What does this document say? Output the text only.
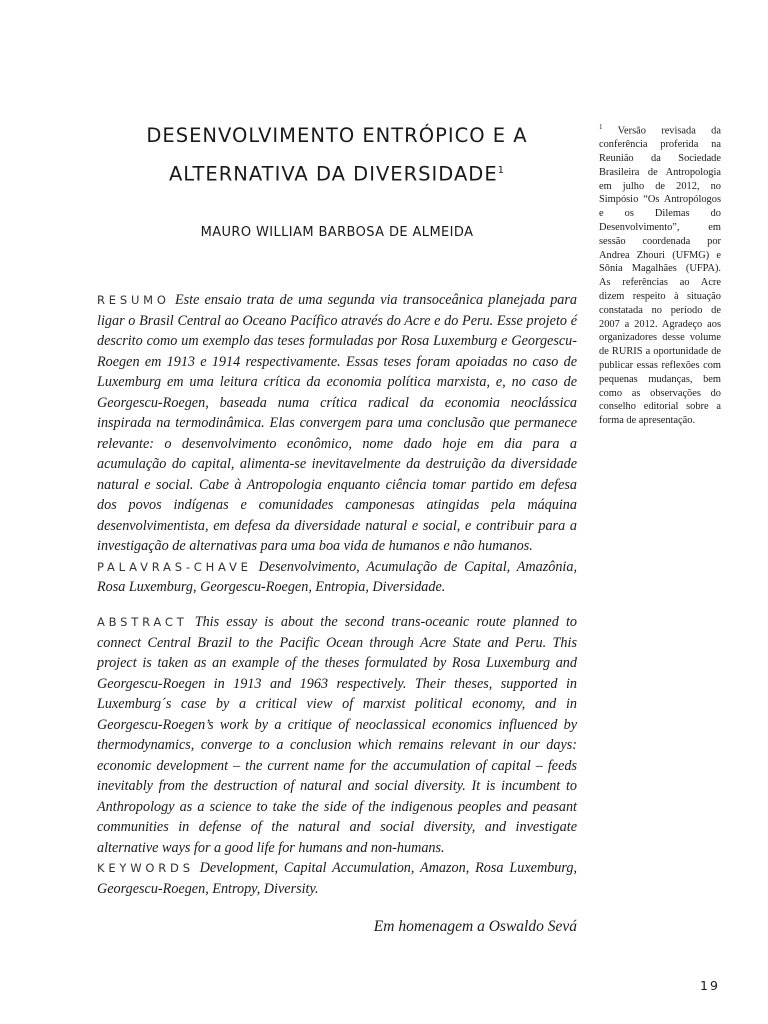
DESENVOLVIMENTO ENTRÓPICO E A
ALTERNATIVA DA DIVERSIDADE$^1$
MAURO WILLIAM BARBOSA DE ALMEIDA
RESUMO Este ensaio trata de uma segunda via transoceânica planejada para ligar o Brasil Central ao Oceano Pacífico através do Acre e do Peru. Esse projeto é descrito como um exemplo das teses formuladas por Rosa Luxemburg e Georgescu-Roegen em 1913 e 1914 respectivamente. Essas teses foram apoiadas no caso de Luxemburg em uma leitura crítica da economia política marxista, e, no caso de Georgescu-Roegen, baseada numa crítica radical da economia neoclássica inspirada na termodinâmica. Elas convergem para uma conclusão que permanece relevante: o desenvolvimento econômico, nome dado hoje em dia para a acumulação do capital, alimenta-se inevitavelmente da destruição da diversidade natural e social. Cabe à Antropologia enquanto ciência tomar partido em defesa dos povos indígenas e comunidades camponesas atingidas pela máquina desenvolvimentista, em defesa da diversidade natural e social, e contribuir para a investigação de alternativas para uma boa vida de humanos e não humanos.
PALAVRAS-CHAVE Desenvolvimento, Acumulação de Capital, Amazônia, Rosa Luxemburg, Georgescu-Roegen, Entropia, Diversidade.
ABSTRACT This essay is about the second trans-oceanic route planned to connect Central Brazil to the Pacific Ocean through Acre State and Peru. This project is taken as an example of the theses formulated by Rosa Luxemburg and Georgescu-Roegen in 1913 and 1963 respectively. Their theses, supported in Luxemburg´s case by a critical view of marxist political economy, and in Georgescu-Roegen’s work by a critique of neoclassical economics influenced by thermodynamics, converge to a conclusion which remains relevant in our days: economic development – the current name for the accumulation of capital – feeds inevitably from the destruction of natural and social diversity. It is incumbent to Anthropology as a science to take the side of the indigenous peoples and peasant communities in defense of the natural and social diversity, and investigate alternative ways for a good life for humans and non-humans.
KEYWORDS Development, Capital Accumulation, Amazon, Rosa Luxemburg, Georgescu-Roegen, Entropy, Diversity.
Em homenagem a Oswaldo Sevá
$^1$ Versão revisada da conferência proferida na Reunião da Sociedade Brasileira de Antropologia em julho de 2012, no Simpósio “Os Antropólogos e os Dilemas do Desenvolvimento”, em sessão coordenada por Andrea Zhouri (UFMG) e Sônia Magalhães (UFPA). As referências ao Acre dizem respeito à situação constatada no período de 2007 a 2012. Agradeço aos organizadores desse volume de RURIS a oportunidade de publicar essas reflexões com pequenas mudanças, bem como as observações do conselho editorial sobre a forma de apresentação.
19
